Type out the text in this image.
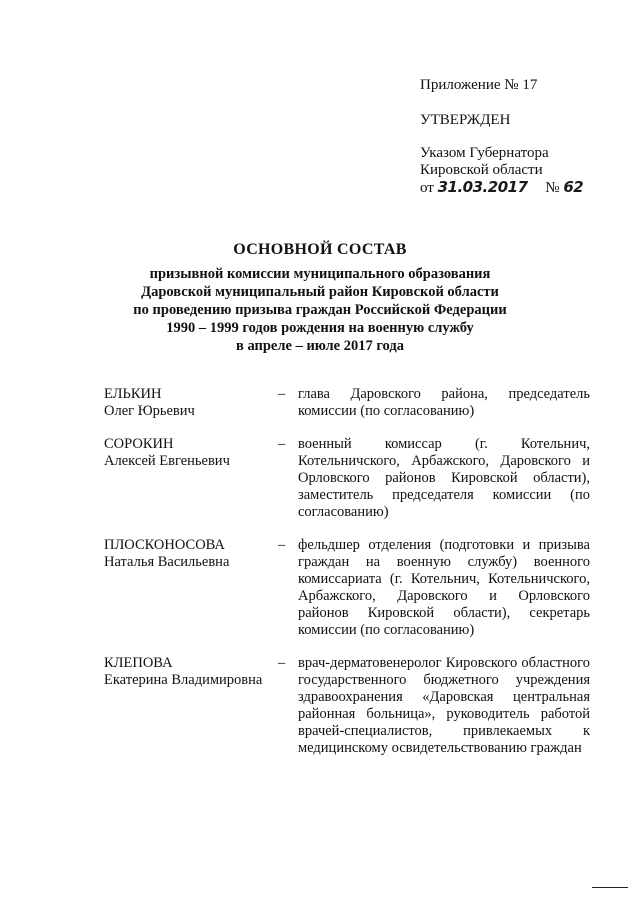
Приложение № 17
УТВЕРЖДЕН
Указом Губернатора
Кировской области
от 31.03.2017 № 62
ОСНОВНОЙ СОСТАВ
призывной комиссии муниципального образования
Даровской муниципальный район Кировской области
по проведению призыва граждан Российской Федерации
1990 – 1999 годов рождения на военную службу
в апреле – июле 2017 года
ЕЛЬКИН
Олег Юрьевич
– глава Даровского района, председатель комиссии (по согласованию)
СОРОКИН
Алексей Евгеньевич
– военный комиссар (г. Котельнич, Котельничского, Арбажского, Даровского и Орловского районов Кировской области), заместитель председателя комиссии (по согласованию)
ПЛОСКОНОСОВА
Наталья Васильевна
– фельдшер отделения (подготовки и призыва граждан на военную службу) военного комиссариата (г. Котельнич, Котельничского, Арбажского, Даровского и Орловского районов Кировской области), секретарь комиссии (по согласованию)
КЛЕПОВА
Екатерина Владимировна
– врач-дерматовенеролог Кировского областного государственного бюджетного учреждения здравоохранения «Даровская центральная районная больница», руководитель работой врачей-специалистов, привлекаемых к медицинскому освидетельствованию граждан
